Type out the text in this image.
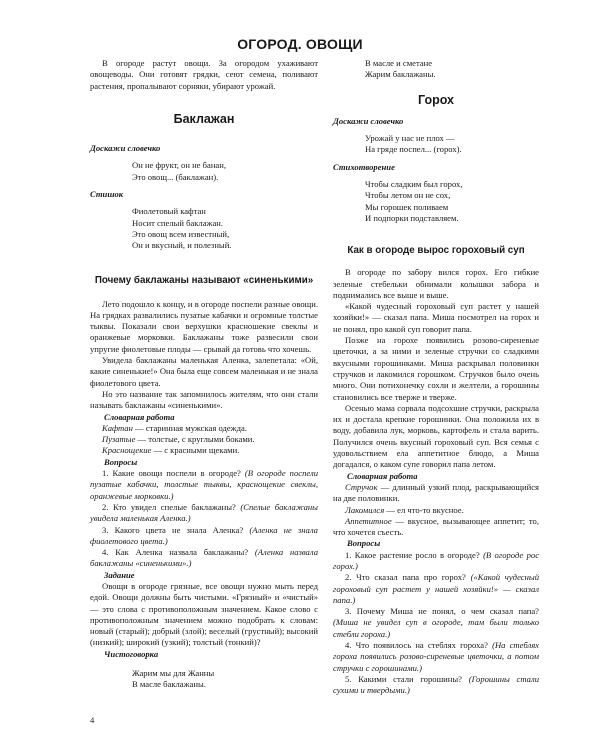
ОГОРОД. ОВОЩИ

В огороде растут овощи. За огородом ухаживают овощеводы. Они готовят грядки, сеют семена, поливают растения, пропалывают сорняки, убирают урожай.

Баклажан
Доскажи словечко
Он не фрукт, он не банан,
Это овощ... (баклажан).
Стишок
Фиолетовый кафтан
Носит спелый баклажан.
Это овощ всем известный,
Он и вкусный, и полезный.
Почему баклажаны называют «синенькими»

Лето подошло к концу, и в огороде поспели разные овощи. На грядках развалились пузатые кабачки и огромные толстые тыквы. Показали свои верхушки красношекие свеклы и оранжевые морковки. Баклажаны тоже развесили свои упругие фиолетовые плоды — срывай да готовь что хочешь.

Увидела баклажаны маленькая Аленка, залепетала: «Ой, какие синенькие!» Она была еще совсем маленькая и не знала фиолетового цвета.

Но это название так запомнилось жителям, что они стали называть баклажаны «синенькими».

Словарная работа

Кафтан — старинная мужская одежда.

Пузатые — толстые, с круглыми боками.

Краснощекие — с красными щеками.

Вопросы

1. Какие овощи поспели в огороде? (В огороде поспели пузатые кабачки, толстые тыквы, краснощекие свеклы, оранжевые морковки.)

2. Кто увидел спелые баклажаны? (Спелые баклажаны увидела маленькая Аленка.)

3. Какого цвета не знала Аленка? (Аленка не знала фиолетового цвета.)

4. Как Аленка назвала баклажаны? (Аленка назвала баклажаны «синенькими».)

Задание

Овощи в огороде грязные, все овощи нужно мыть перед едой. Овощи должны быть чистыми. «Грязный» и «чистый» — это слова с противоположным значением. Какое слово с противоположным значением можно подобрать к словам: новый (старый); добрый (злой); веселый (грустный); высокий (низкий); широкий (узкий); толстый (тонкий)?

Чистоговорка
Жарим мы для Жанны
В масле баклажаны.
В масле и сметане
Жарим баклажаны.
Горох
Доскажи словечко
Урожай у нас не плох —
На гряде поспел... (горох).
Стихотворение
Чтобы сладким был горох,
Чтобы летом он не сох,
Мы горошек поливаем
И подпорки подставляем.
Как в огороде вырос гороховый суп

В огороде по забору вился горох. Его гибкие зеленые стебельки обнимали колышки забора и поднимались все выше и выше.

«Какой чудесный гороховый суп растет у нашей хозяйки!» — сказал папа. Миша посмотрел на горох и не понял, про какой суп говорит папа.

Позже на горохе появились розово-сиреневые цветочки, а за ними и зеленые стручки со сладкими вкусными горошинками. Миша раскрывал половинки стручков и лакомился горошком. Стручков было очень много. Они потихонечку сохли и желтели, а горошины становились все тверже и тверже.

Осенью мама сорвала подсохшие стручки, раскрыла их и достала крепкие горошинки. Она положила их в воду, добавила лук, морковь, картофель и стала варить. Получился очень вкусный гороховый суп. Вся семья с удовольствием ела аппетитное блюдо, а Миша догадался, о каком супе говорил папа летом.

Словарная работа

Стручок — длинный узкий плод, раскрывающийся на две половинки.

Лакомился — ел что-то вкусное.

Аппетитное — вкусное, вызывающее аппетит; то, что хочется съесть.

Вопросы

1. Какое растение росло в огороде? (В огороде рос горох.)

2. Что сказал папа про горох? («Какой чудесный гороховый суп растет у нашей хозяйки!» — сказал папа.)

3. Почему Миша не понял, о чем сказал папа? (Миша не увидел суп в огороде, там были только стебли гороха.)

4. Что появилось на стеблях гороха? (На стеблях гороха появились розово-сиреневые цветочки, а потом стручки с горошинами.)

5. Какими стали горошины? (Горошины стали сухими и твердыми.)

4
